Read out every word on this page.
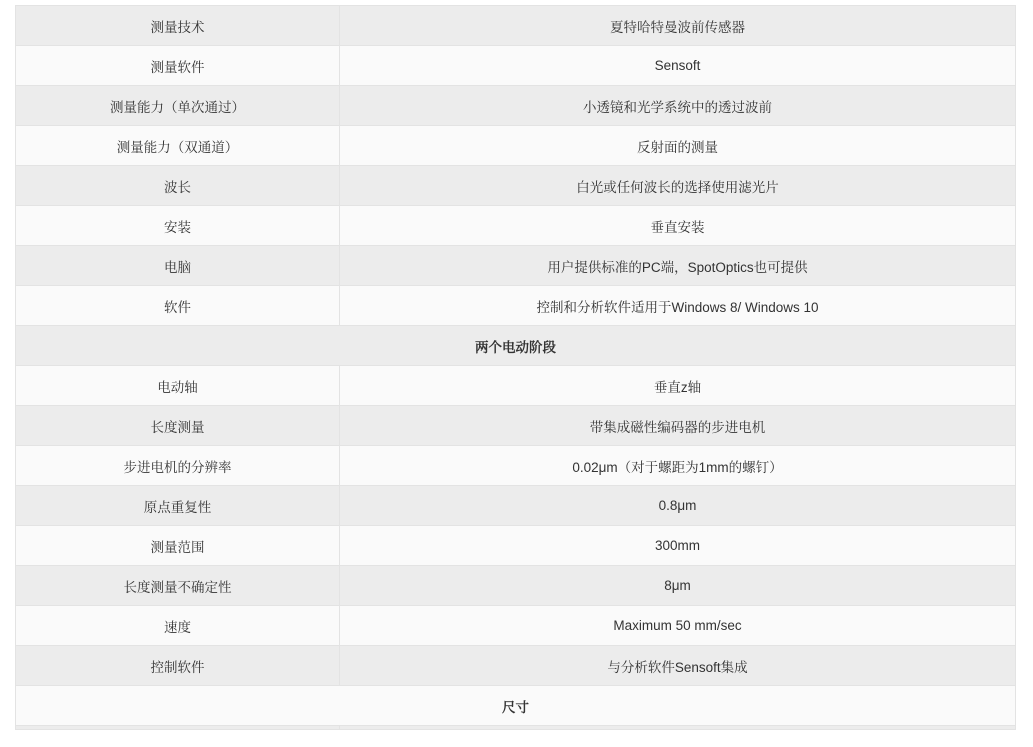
测量技术	夏特哈特曼波前传感器
测量软件	Sensoft
测量能力（单次通过）	小透镜和光学系统中的透过波前
测量能力（双通道）	反射面的测量
波长	白光或任何波长的选择使用滤光片
安装	垂直安装
电脑	用户提供标准的PC端，SpotOptics也可提供
软件	控制和分析软件适用于Windows 8/ Windows 10
两个电动阶段	
电动轴	垂直z轴
长度测量	带集成磁性编码器的步进电机
步进电机的分辨率	0.02μm（对于螺距为1mm的螺钉）
原点重复性	0.8μm
测量范围	300mm
长度测量不确定性	8μm
速度	Maximum 50 mm/sec
控制软件	与分析软件Sensoft集成
尺寸	
